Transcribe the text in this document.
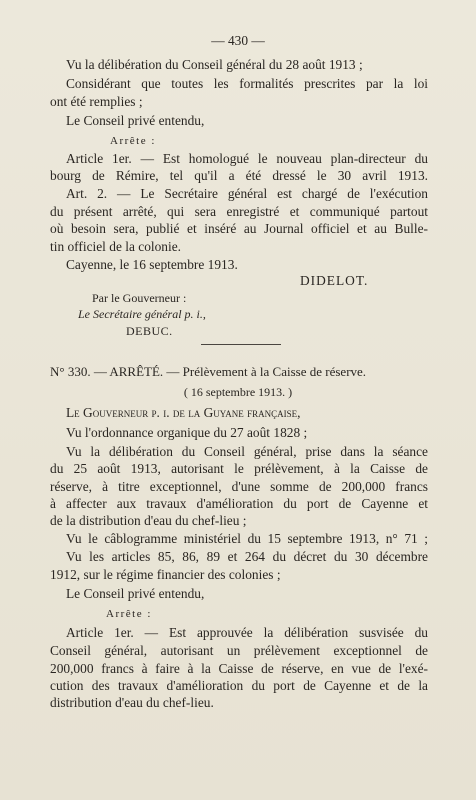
— 430 —
Vu la délibération du Conseil général du 28 août 1913 ;
Considérant que toutes les formalités prescrites par la loi
ont été remplies ;
Le Conseil privé entendu,
Arrête :
Article 1er. — Est homologué le nouveau plan-directeur du
bourg de Rémire, tel qu'il a été dressé le 30 avril 1913.
Art. 2. — Le Secrétaire général est chargé de l'exécution
du présent arrêté, qui sera enregistré et communiqué partout
où besoin sera, publié et inséré au Journal officiel et au Bulle-
tin officiel de la colonie.
Cayenne, le 16 septembre 1913.
DIDELOT.
Par le Gouverneur :
Le Secrétaire général p. i.,
DEBUC.
N° 330. — ARRÊTÉ. — Prélèvement à la Caisse de réserve.
( 16 septembre 1913. )
Le Gouverneur p. i. de la Guyane française,
Vu l'ordonnance organique du 27 août 1828 ;
Vu la délibération du Conseil général, prise dans la séance
du 25 août 1913, autorisant le prélèvement, à la Caisse de
réserve, à titre exceptionnel, d'une somme de 200,000 francs
à affecter aux travaux d'amélioration du port de Cayenne et
de la distribution d'eau du chef-lieu ;
Vu le câblogramme ministériel du 15 septembre 1913, n° 71 ;
Vu les articles 85, 86, 89 et 264 du décret du 30 décembre
1912, sur le régime financier des colonies ;
Le Conseil privé entendu,
Arrête :
Article 1er. — Est approuvée la délibération susvisée du
Conseil général, autorisant un prélèvement exceptionnel de
200,000 francs à faire à la Caisse de réserve, en vue de l'exé-
cution des travaux d'amélioration du port de Cayenne et de la
distribution d'eau du chef-lieu.
